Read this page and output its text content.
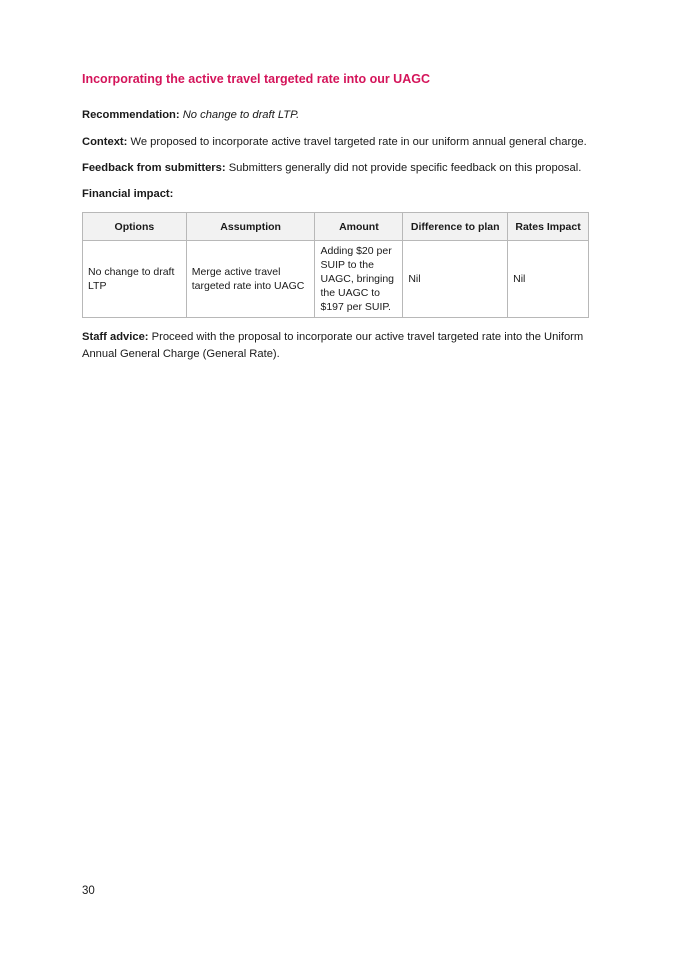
Incorporating the active travel targeted rate into our UAGC
Recommendation: No change to draft LTP.
Context: We proposed to incorporate active travel targeted rate in our uniform annual general charge.
Feedback from submitters: Submitters generally did not provide specific feedback on this proposal.
Financial impact:
Options	Assumption	Amount	Difference to plan	Rates Impact
No change to draft LTP	Merge active travel targeted rate into UAGC	Adding $20 per SUIP to the UAGC, bringing the UAGC to $197 per SUIP.	Nil	Nil
Staff advice: Proceed with the proposal to incorporate our active travel targeted rate into the Uniform Annual General Charge (General Rate).
30
